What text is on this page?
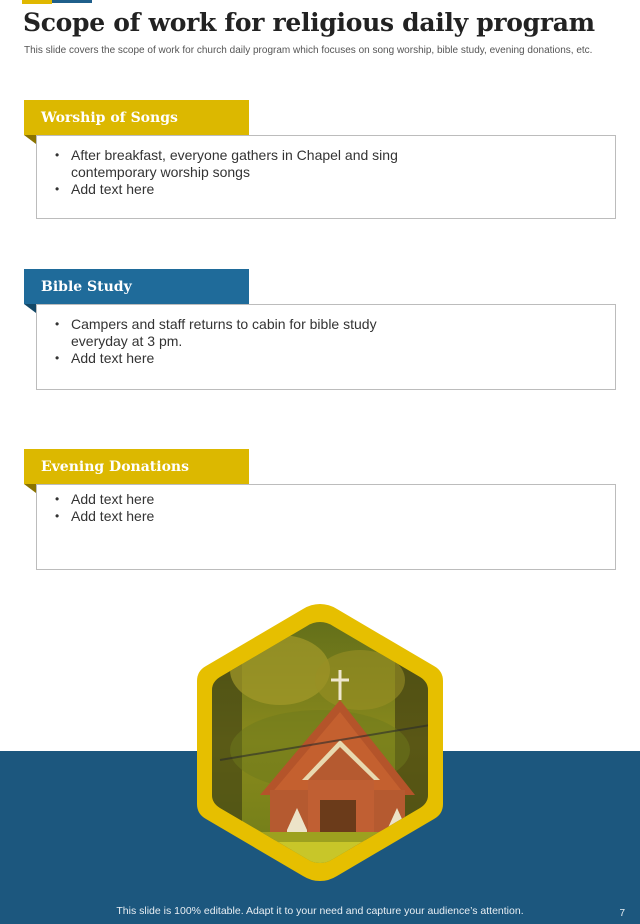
Scope of work for religious daily program
This slide covers the scope of work for church daily program which focuses on song worship, bible study, evening donations, etc.
Worship of Songs
• After breakfast, everyone gathers in Chapel and sing contemporary worship songs
• Add text here
Bible Study
• Campers and staff returns to cabin for bible study everyday at 3 pm.
• Add text here
Evening Donations
• Add text here
• Add text here
This slide is 100% editable. Adapt it to your need and capture your audience’s attention.	7
